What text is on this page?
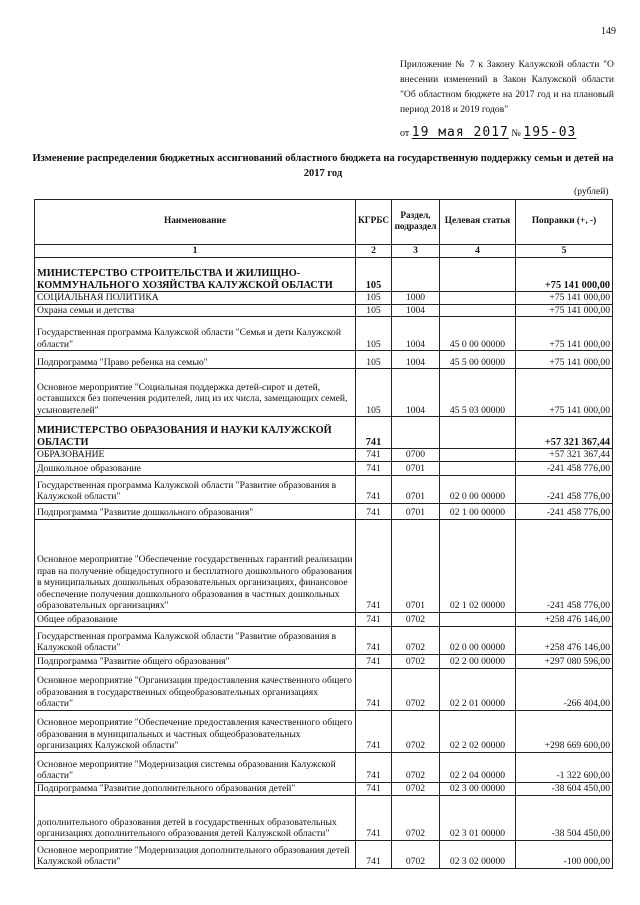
149
Приложение № 7 к Закону Калужской области "О внесении изменений в Закон Калужской области "Об областном бюджете на 2017 год и на плановый период 2018 и 2019 годов"
от 19 мая 2017 № 195-03
Изменение распределения бюджетных ассигнований областного бюджета на государственную поддержку семьи и детей на 2017 год
(рублей)
Наименование	КГРБС	Раздел, подраздел	Целевая статья	Поправки (+, -)
1	2	3	4	5
МИНИСТЕРСТВО СТРОИТЕЛЬСТВА И ЖИЛИЩНО-КОММУНАЛЬНОГО ХОЗЯЙСТВА КАЛУЖСКОЙ ОБЛАСТИ	105			+75 141 000,00
СОЦИАЛЬНАЯ ПОЛИТИКА	105	1000		+75 141 000,00
Охрана семьи и детства	105	1004		+75 141 000,00
Государственная программа Калужской области "Семья и дети Калужской области"	105	1004	45 0 00 00000	+75 141 000,00
Подпрограмма "Право ребенка на семью"	105	1004	45 5 00 00000	+75 141 000,00
Основное мероприятие "Социальная поддержка детей-сирот и детей, оставшихся без попечения родителей, лиц из их числа, замещающих семей, усыновителей"	105	1004	45 5 03 00000	+75 141 000,00
МИНИСТЕРСТВО ОБРАЗОВАНИЯ И НАУКИ КАЛУЖСКОЙ ОБЛАСТИ	741			+57 321 367,44
ОБРАЗОВАНИЕ	741	0700		+57 321 367,44
Дошкольное образование	741	0701		-241 458 776,00
Государственная программа Калужской области "Развитие образования в Калужской области"	741	0701	02 0 00 00000	-241 458 776,00
Подпрограмма "Развитие дошкольного образования"	741	0701	02 1 00 00000	-241 458 776,00
Основное мероприятие "Обеспечение государственных гарантий реализации прав на получение общедоступного и бесплатного дошкольного образования в муниципальных дошкольных образовательных организациях, финансовое обеспечение получения дошкольного образования в частных дошкольных образовательных организациях"	741	0701	02 1 02 00000	-241 458 776,00
Общее образование	741	0702		+258 476 146,00
Государственная программа Калужской области "Развитие образования в Калужской области"	741	0702	02 0 00 00000	+258 476 146,00
Подпрограмма "Развитие общего образования"	741	0702	02 2 00 00000	+297 080 596,00
Основное мероприятие "Организация предоставления качественного общего образования в государственных общеобразовательных организациях области"	741	0702	02 2 01 00000	-266 404,00
Основное мероприятие "Обеспечение предоставления качественного общего образования в муниципальных и частных общеобразовательных организациях Калужской области"	741	0702	02 2 02 00000	+298 669 600,00
Основное мероприятие "Модернизация системы образования Калужской области"	741	0702	02 2 04 00000	-1 322 600,00
Подпрограмма "Развитие дополнительного образования детей"	741	0702	02 3 00 00000	-38 604 450,00
дополнительного образования детей в государственных образовательных организациях дополнительного образования детей Калужской области"	741	0702	02 3 01 00000	-38 504 450,00
Основное мероприятие "Модернизация дополнительного образования детей Калужской области"	741	0702	02 3 02 00000	-100 000,00
